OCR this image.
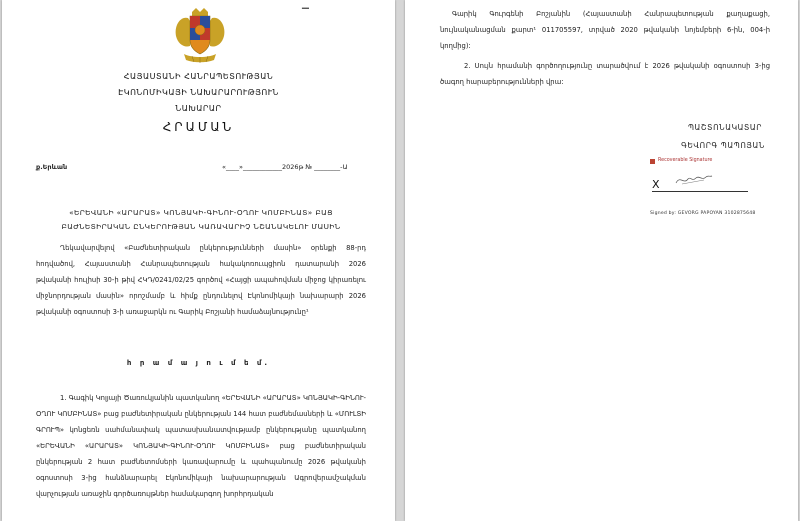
▔
ՀԱՅԱՍՏԱՆԻ ՀԱՆՐԱՊԵՏՈՒԹՅԱՆ
ԷԿՈՆՈՄԻԿԱՅԻ ՆԱԽԱՐԱՐՈՒԹՅՈՒՆ
ՆԱԽԱՐԱՐ
ՀՐԱՄԱՆ
ք.Երևան	«____»____________2026թ № ________-Ա
«ԵՐԵՎԱՆԻ «ԱՐԱՐԱՏ» ԿՈՆՅԱԿԻ-ԳԻՆՈՒ-ՕՂՈՒ ԿՈՄԲԻՆԱՏ» ԲԱՑ ԲԱԺՆԵՏԻՐԱԿԱՆ ԸՆԿԵՐՈՒԹՅԱՆ ԿԱՌԱՎԱՐԻՉ ՆՇԱՆԱԿԵԼՈՒ ՄԱՍԻՆ
Ղեկավարվելով «Բաժնետիրական ընկերությունների մասին» օրենքի 88-րդ հոդվածով, Հայաստանի Հանրապետության հակակոռուպցիոն դատարանի 2026 թվականի հուլիսի 30-ի թիվ ՀԿԴ/0241/02/25 գործով «Հայցի ապահովման միջոց կիրառելու միջնորդության մասին» որոշմամբ և հիմք ընդունելով Էկոնոմիկայի նախարարի 2026 թվականի օգոստոսի 3-ի առաջարկն ու Գարիկ Բոշյանի համաձայնությունը¹
հ ր ա մ ա յ ո ւ մ ե մ.
1. Գագիկ Կոլյայի Ծառուկյանին պատկանող «ԵՐԵՎԱՆԻ «ԱՐԱՐԱՏ» ԿՈՆՅԱԿԻ-ԳԻՆՈՒ-ՕՂՈՒ ԿՈՄԲԻՆԱՏ» բաց բաժնետիրական ընկերության 144 հատ բաժնեմասների և «ՄՈՒԼՏԻ ԳՐՈՒՊ» կոնցեռն սահմանափակ պատասխանատվությամբ ընկերությանը պատկանող «ԵՐԵՎԱՆԻ «ԱՐԱՐԱՏ» ԿՈՆՅԱԿԻ-ԳԻՆՈՒ-ՕՂՈՒ ԿՈՄԲԻՆԱՏ» բաց բաժնետիրական ընկերության 2 հատ բաժնետոմսերի կառավարումը և պահպանումը 2026 թվականի օգոստոսի 3-ից հանձնարարել Էկոնոմիկայի նախարարության Ագրովերամշակման վարչության առաջին գործառույթներ համակարգող խորհրդական
Գարիկ Գուրգենի Բոշյանին (Հայաստանի Հանրապետության քաղաքացի, նույնականացման քարտ¹ 011705597, տրված 2020 թվականի նոյեմբերի 6-ին, 004-ի կողմից):
2. Սույն հրամանի գործողությունը տարածվում է 2026 թվականի օգոստոսի 3-ից ծագող հարաբերությունների վրա:
ՊԱՇՏՈՆԱԿԱՏԱՐ
ԳԵՎՈՐԳ ՊԱՊՈՅԱՆ
Recoverable Signature
X
Signed by: GEVORG PAPOYAN 3102875648
